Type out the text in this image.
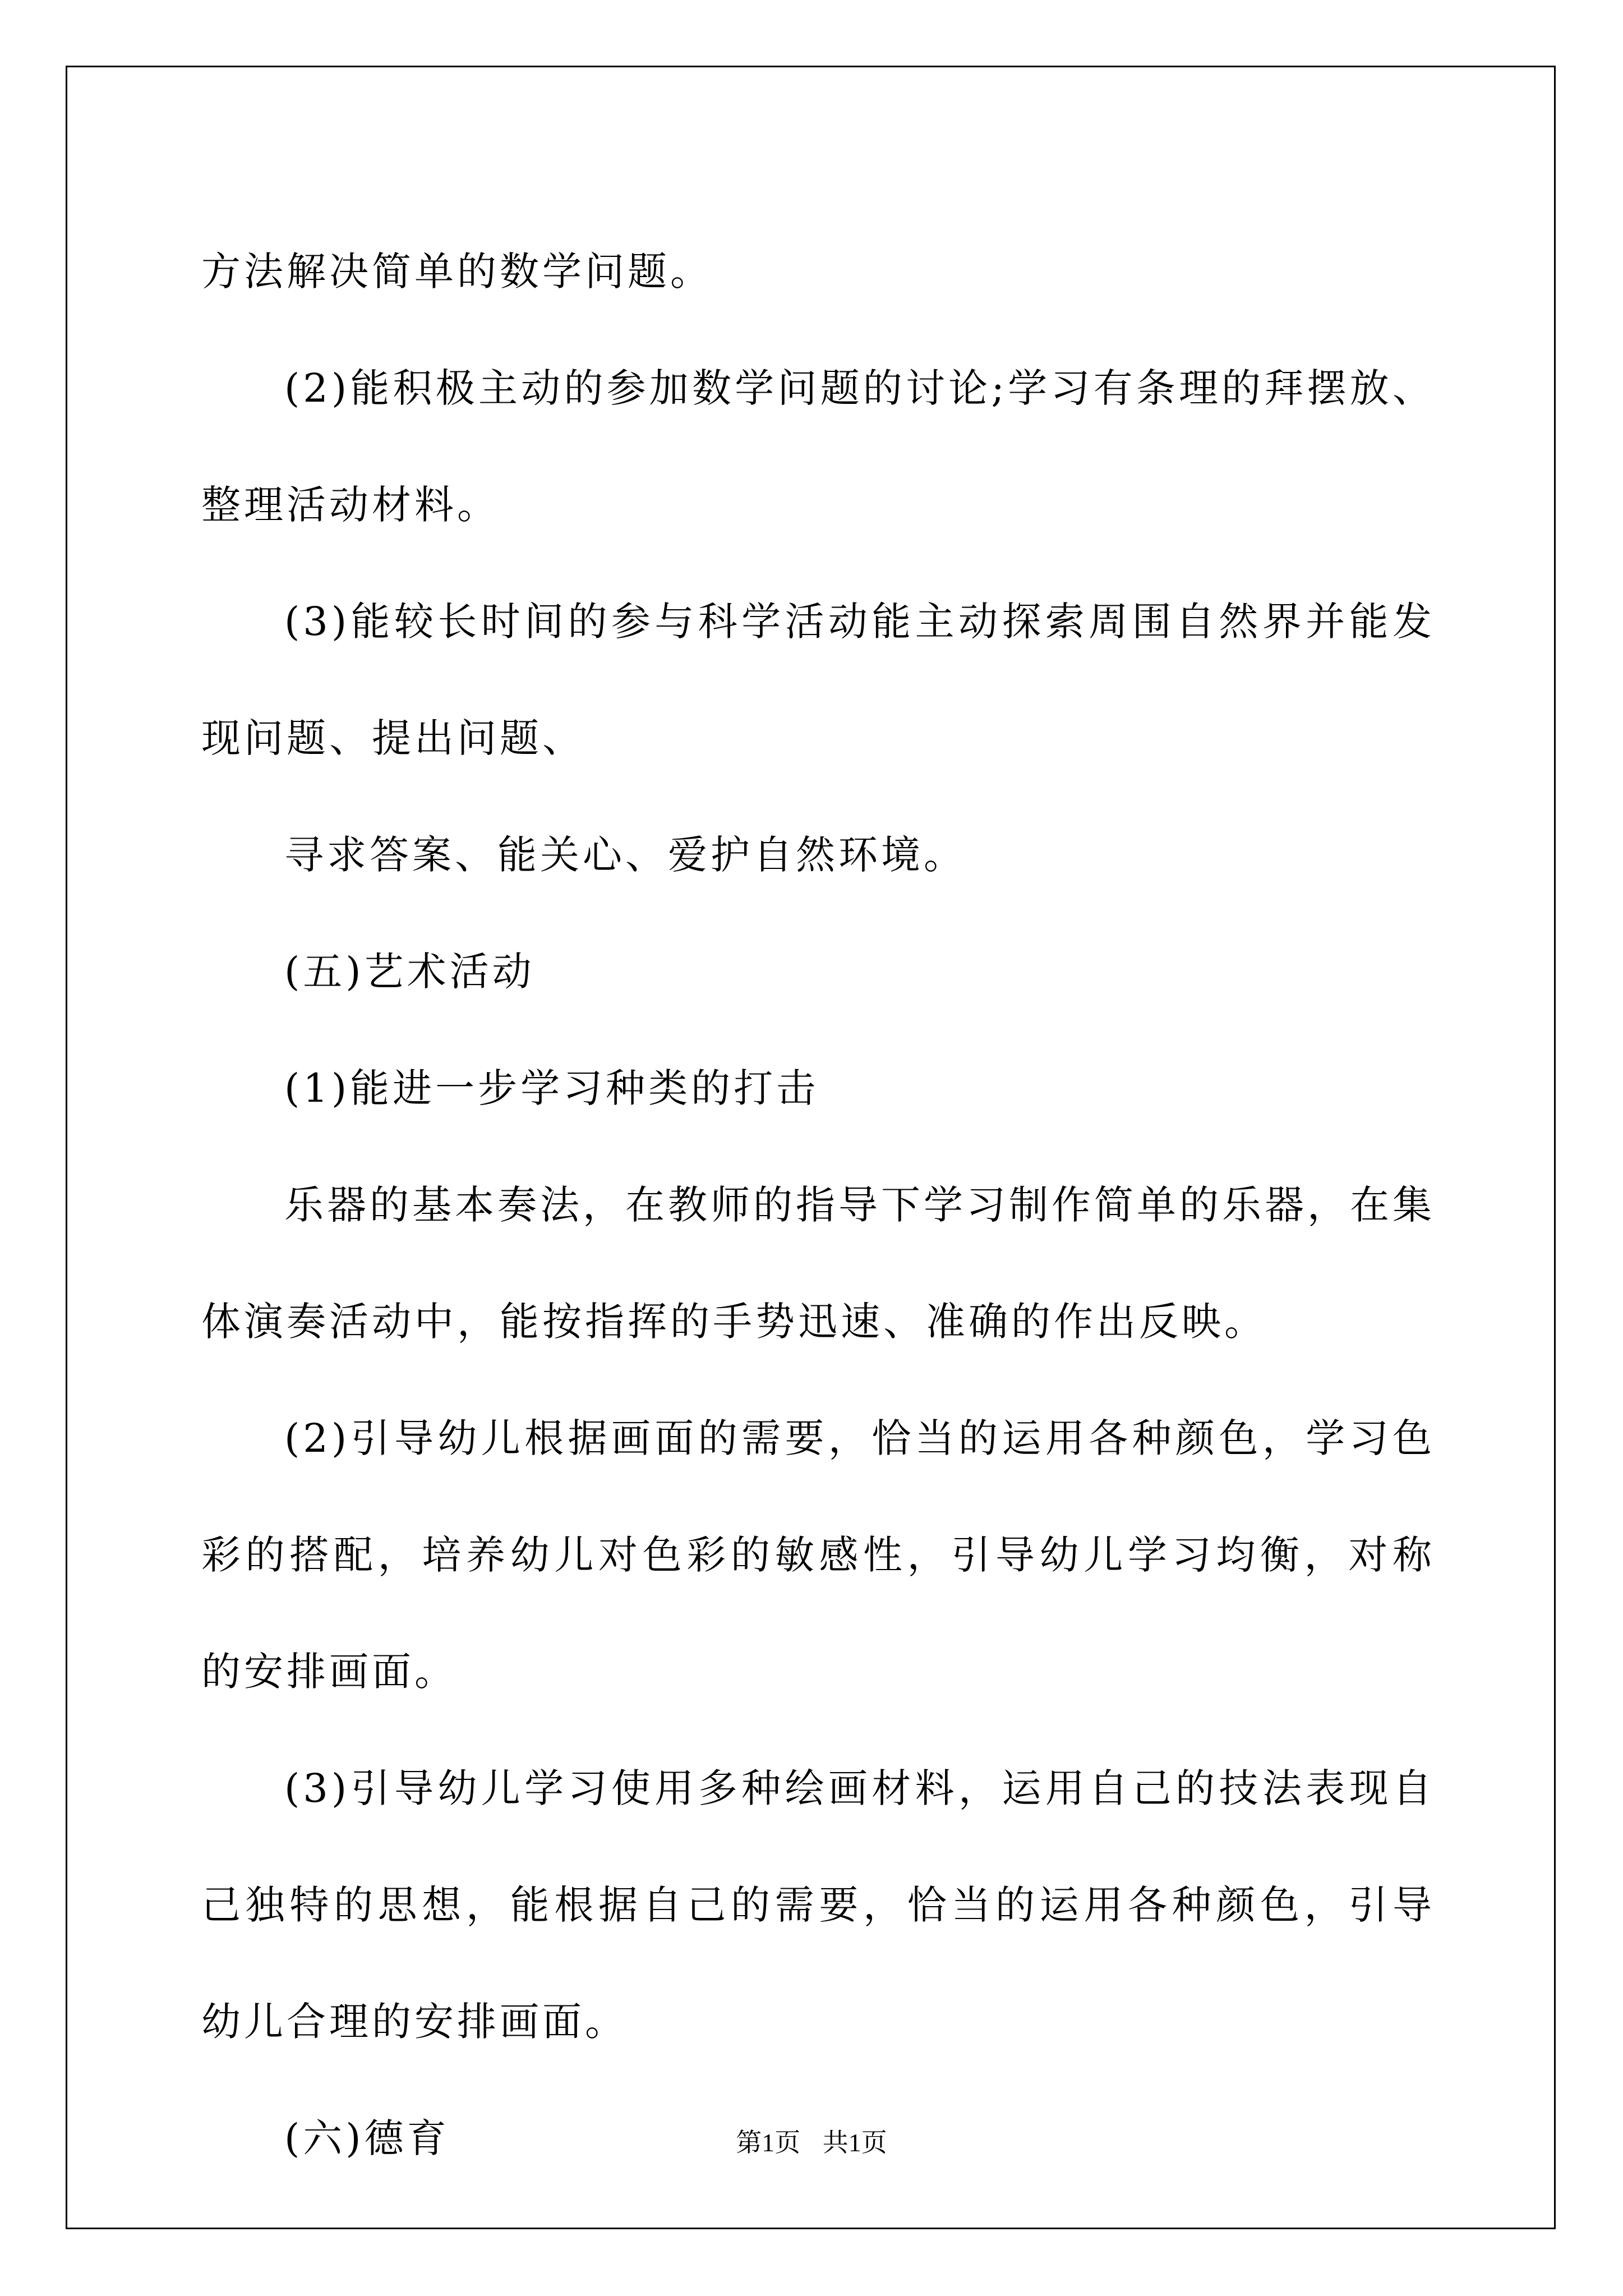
方法解决简单的数学问题。

(2)能积极主动的参加数学问题的讨论;学习有条理的拜摆放、整理活动材料。

(3)能较长时间的参与科学活动能主动探索周围自然界并能发现问题、提出问题、

寻求答案、能关心、爱护自然环境。

(五)艺术活动

(1)能进一步学习种类的打击

乐器的基本奏法，在教师的指导下学习制作简单的乐器，在集体演奏活动中，能按指挥的手势迅速、准确的作出反映。

(2)引导幼儿根据画面的需要，恰当的运用各种颜色，学习色彩的搭配，培养幼儿对色彩的敏感性，引导幼儿学习均衡，对称的安排画面。

(3)引导幼儿学习使用多种绘画材料，运用自己的技法表现自己独特的思想，能根据自己的需要，恰当的运用各种颜色，引导幼儿合理的安排画面。

(六)德育	第1页 共1页
